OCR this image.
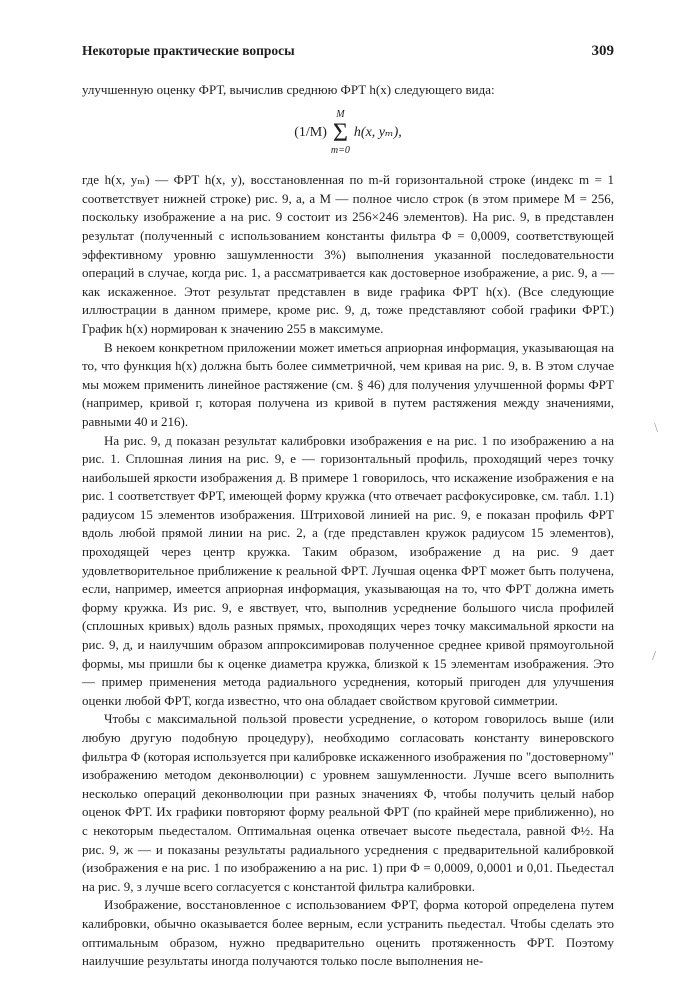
Некоторые практические вопросы	309

улучшенную оценку ФРТ, вычислив среднюю ФРТ h(x) следующего вида:

(1/M)
M
Σ
m=0
h(x, yₘ),

где h(x, yₘ) — ФРТ h(x, y), восстановленная по m-й горизонтальной строке (индекс m = 1 соответствует нижней строке) рис. 9, а, а M — полное число строк (в этом примере M = 256, поскольку изображение а на рис. 9 состоит из 256×246 элементов). На рис. 9, в представлен результат (полученный с использованием константы фильтра Φ = 0,0009, соответствующей эффективному уровню зашумленности 3%) выполнения указанной последовательности операций в случае, когда рис. 1, а рассматривается как достоверное изображение, а рис. 9, а — как искаженное. Этот результат представлен в виде графика ФРТ h(x). (Все следующие иллюстрации в данном примере, кроме рис. 9, д, тоже представляют собой графики ФРТ.) График h(x) нормирован к значению 255 в максимуме.

В некоем конкретном приложении может иметься априорная информация, указывающая на то, что функция h(x) должна быть более симметричной, чем кривая на рис. 9, в. В этом случае мы можем применить линейное растяжение (см. § 46) для получения улучшенной формы ФРТ (например, кривой г, которая получена из кривой в путем растяжения между значениями, равными 40 и 216).

На рис. 9, д показан результат калибровки изображения е на рис. 1 по изображению а на рис. 1. Сплошная линия на рис. 9, е — горизонтальный профиль, проходящий через точку наибольшей яркости изображения д. В примере 1 говорилось, что искажение изображения е на рис. 1 соответствует ФРТ, имеющей форму кружка (что отвечает расфокусировке, см. табл. 1.1) радиусом 15 элементов изображения. Штриховой линией на рис. 9, е показан профиль ФРТ вдоль любой прямой линии на рис. 2, а (где представлен кружок радиусом 15 элементов), проходящей через центр кружка. Таким образом, изображение д на рис. 9 дает удовлетворительное приближение к реальной ФРТ. Лучшая оценка ФРТ может быть получена, если, например, имеется априорная информация, указывающая на то, что ФРТ должна иметь форму кружка. Из рис. 9, е явствует, что, выполнив усреднение большого числа профилей (сплошных кривых) вдоль разных прямых, проходящих через точку максимальной яркости на рис. 9, д, и наилучшим образом аппроксимировав полученное среднее кривой прямоугольной формы, мы пришли бы к оценке диаметра кружка, близкой к 15 элементам изображения. Это — пример применения метода радиального усреднения, который пригоден для улучшения оценки любой ФРТ, когда известно, что она обладает свойством круговой симметрии.

Чтобы с максимальной пользой провести усреднение, о котором говорилось выше (или любую другую подобную процедуру), необходимо согласовать константу винеровского фильтра Φ (которая используется при калибровке искаженного изображения по "достоверному" изображению методом деконволюции) с уровнем зашумленности. Лучше всего выполнить несколько операций деконволюции при разных значениях Φ, чтобы получить целый набор оценок ФРТ. Их графики повторяют форму реальной ФРТ (по крайней мере приближенно), но с некоторым пьедесталом. Оптимальная оценка отвечает высоте пьедестала, равной Φ½. На рис. 9, ж — и показаны результаты радиального усреднения с предварительной калибровкой (изображения е на рис. 1 по изображению а на рис. 1) при Φ = 0,0009, 0,0001 и 0,01. Пьедестал на рис. 9, з лучше всего согласуется с константой фильтра калибровки.

Изображение, восстановленное с использованием ФРТ, форма которой определена путем калибровки, обычно оказывается более верным, если устранить пьедестал. Чтобы сделать это оптимальным образом, нужно предварительно оценить протяженность ФРТ. Поэтому наилучшие результаты иногда получаются только после выполнения не-

\
/
